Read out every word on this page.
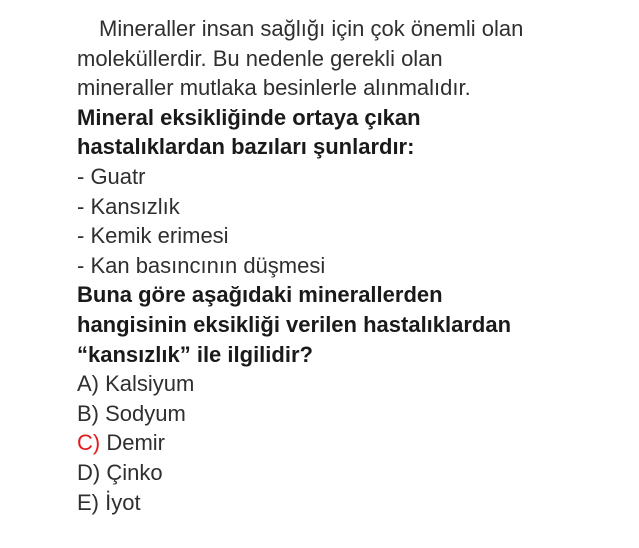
Mineraller insan sağlığı için çok önemli olan
moleküllerdir. Bu nedenle gerekli olan
mineraller mutlaka besinlerle alınmalıdır.
Mineral eksikliğinde ortaya çıkan
hastalıklardan bazıları şunlardır:
- Guatr
- Kansızlık
- Kemik erimesi
- Kan basıncının düşmesi
Buna göre aşağıdaki minerallerden
hangisinin eksikliği verilen hastalıklardan
“kansızlık” ile ilgilidir?
A) Kalsiyum
B) Sodyum
C) Demir
D) Çinko
E) İyot
